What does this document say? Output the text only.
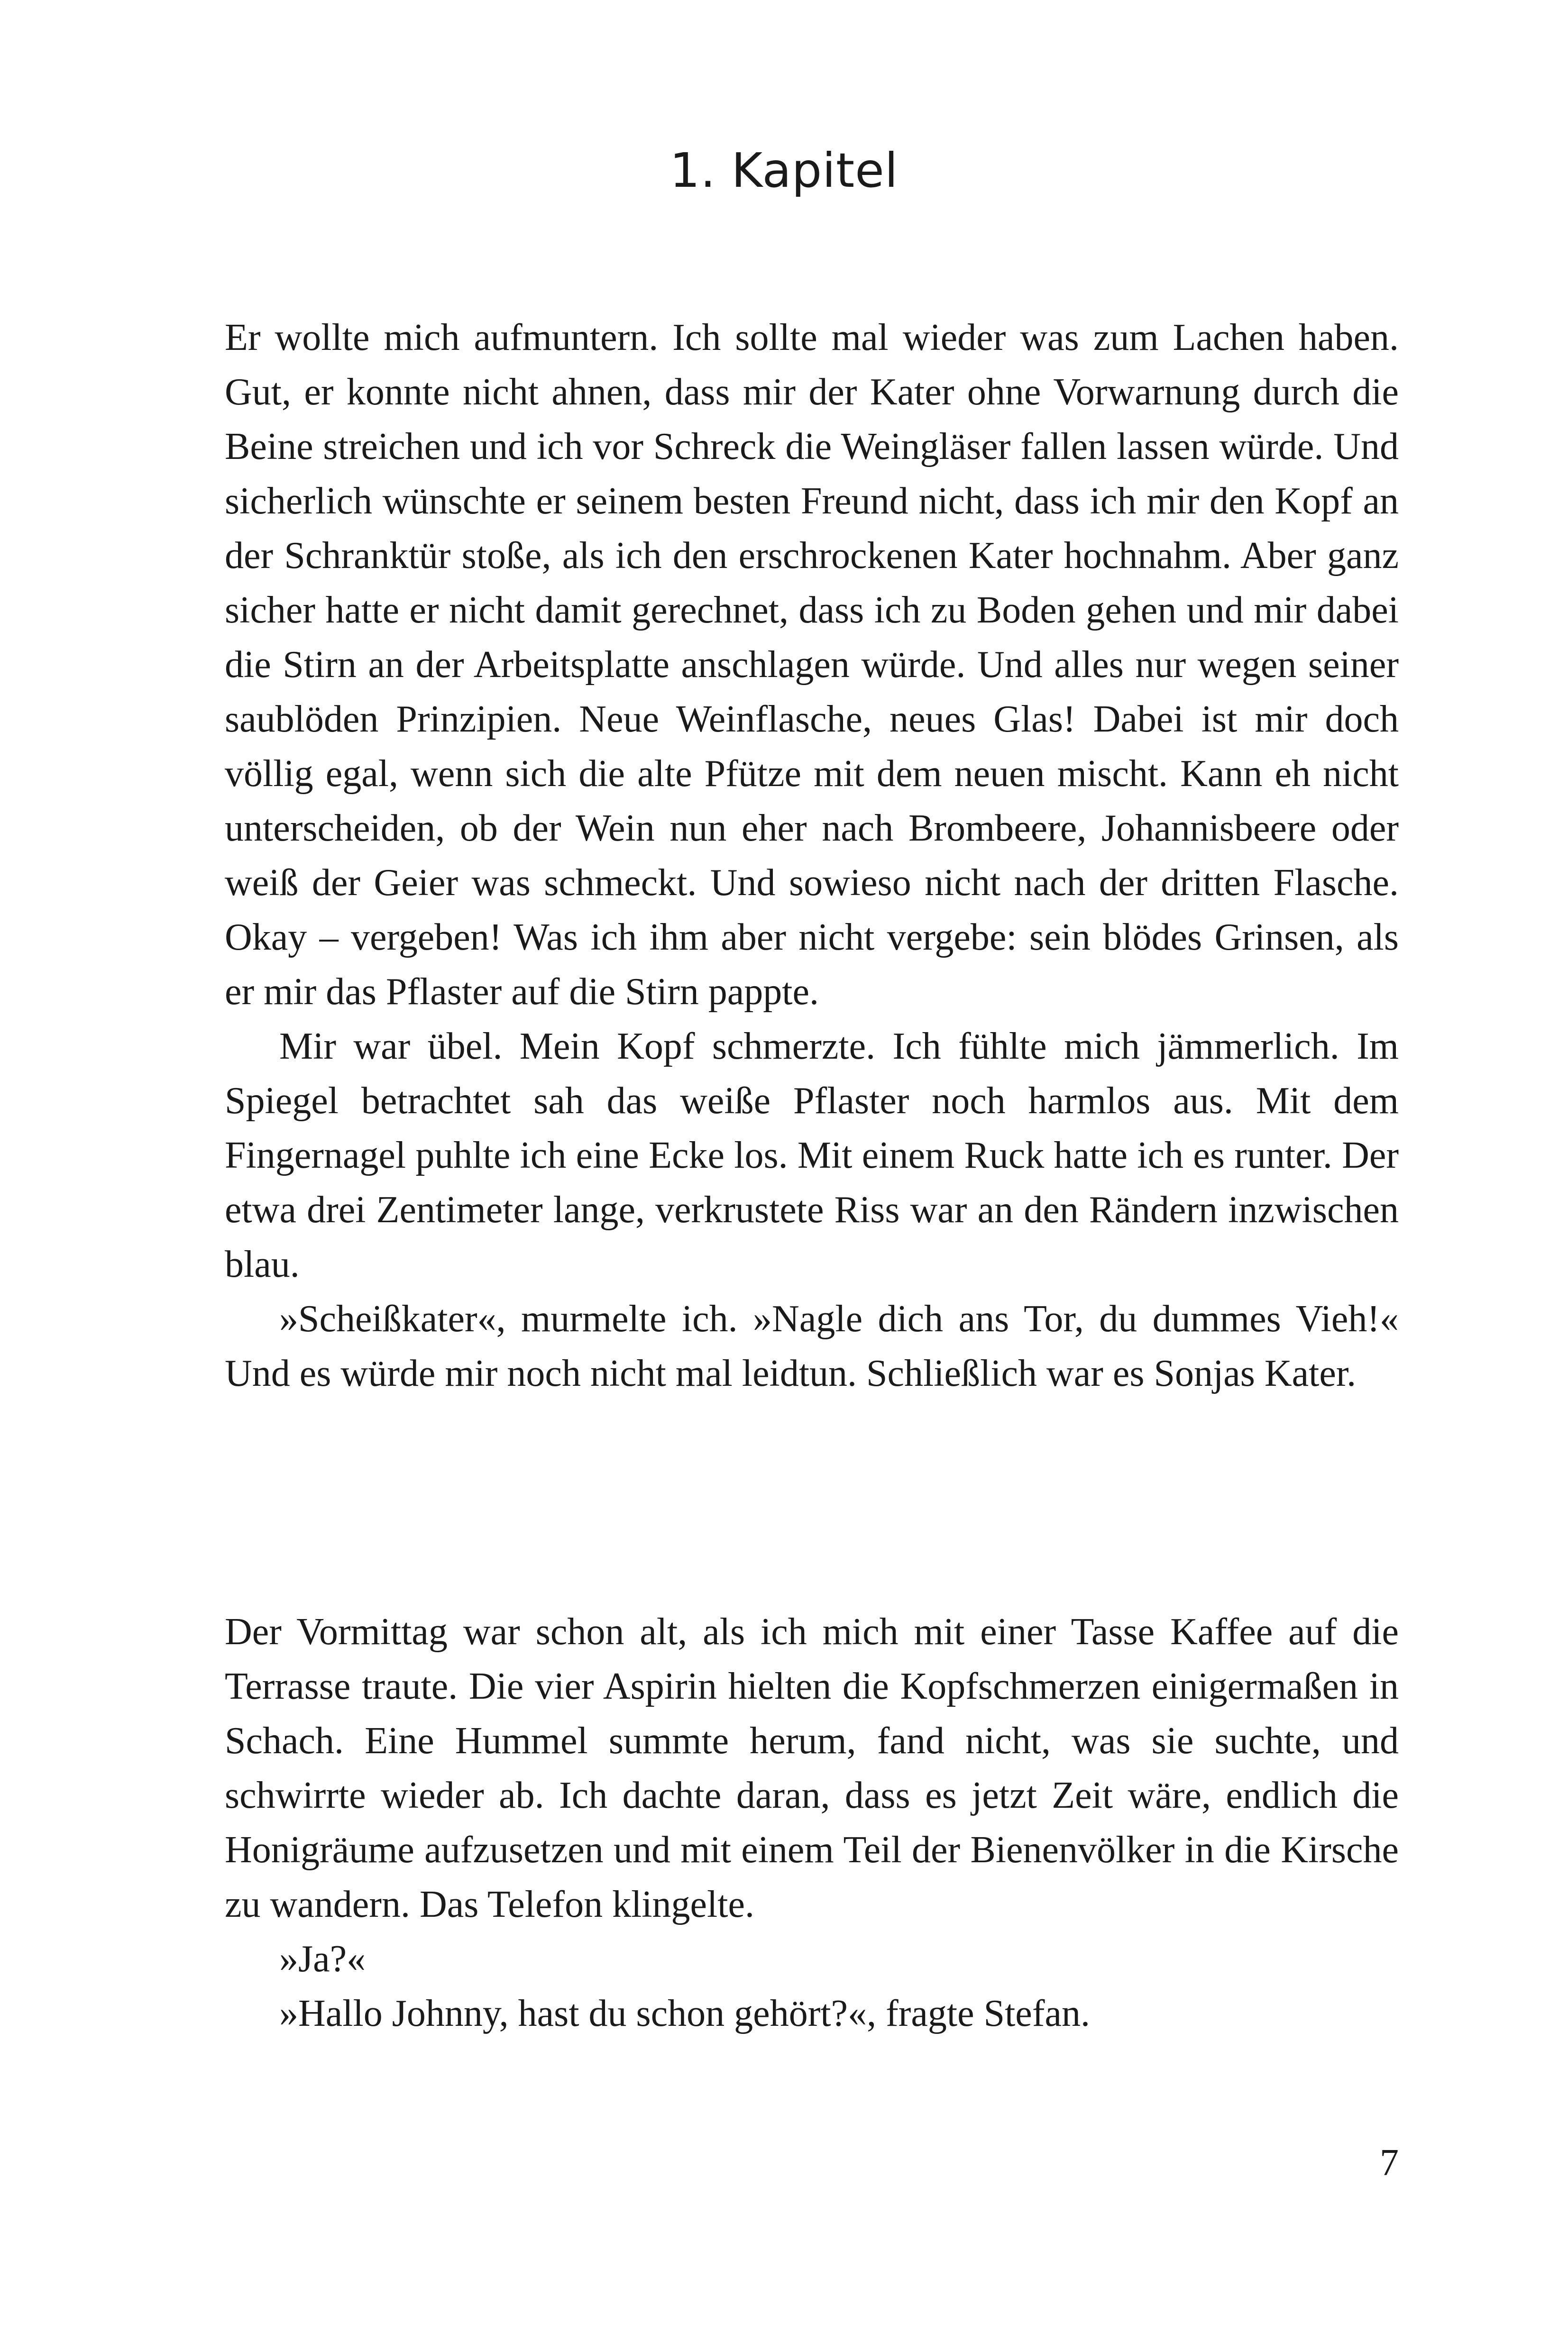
1. Kapitel

Er wollte mich aufmuntern. Ich sollte mal wieder was zum Lachen haben. Gut, er konnte nicht ahnen, dass mir der Kater ohne Vorwarnung durch die Beine streichen und ich vor Schreck die Weingläser fallen lassen würde. Und sicherlich wünschte er seinem besten Freund nicht, dass ich mir den Kopf an der Schranktür stoße, als ich den erschrockenen Kater hochnahm. Aber ganz sicher hatte er nicht damit gerechnet, dass ich zu Boden gehen und mir dabei die Stirn an der Arbeitsplatte anschlagen würde. Und alles nur wegen seiner saublöden Prinzipien. Neue Weinflasche, neues Glas! Dabei ist mir doch völlig egal, wenn sich die alte Pfütze mit dem neuen mischt. Kann eh nicht unterscheiden, ob der Wein nun eher nach Brombeere, Johannisbeere oder weiß der Geier was schmeckt. Und sowieso nicht nach der dritten Flasche. Okay – vergeben! Was ich ihm aber nicht vergebe: sein blödes Grinsen, als er mir das Pflaster auf die Stirn pappte.

Mir war übel. Mein Kopf schmerzte. Ich fühlte mich jämmerlich. Im Spiegel betrachtet sah das weiße Pflaster noch harmlos aus. Mit dem Fingernagel puhlte ich eine Ecke los. Mit einem Ruck hatte ich es runter. Der etwa drei Zentimeter lange, verkrustete Riss war an den Rändern inzwischen blau.

»Scheißkater«, murmelte ich. »Nagle dich ans Tor, du dummes Vieh!« Und es würde mir noch nicht mal leidtun. Schließlich war es Sonjas Kater.

Der Vormittag war schon alt, als ich mich mit einer Tasse Kaffee auf die Terrasse traute. Die vier Aspirin hielten die Kopfschmerzen einigermaßen in Schach. Eine Hummel summte herum, fand nicht, was sie suchte, und schwirrte wieder ab. Ich dachte daran, dass es jetzt Zeit wäre, endlich die Honigräume aufzusetzen und mit einem Teil der Bienenvölker in die Kirsche zu wandern. Das Telefon klingelte.

»Ja?«

»Hallo Johnny, hast du schon gehört?«, fragte Stefan.

7
